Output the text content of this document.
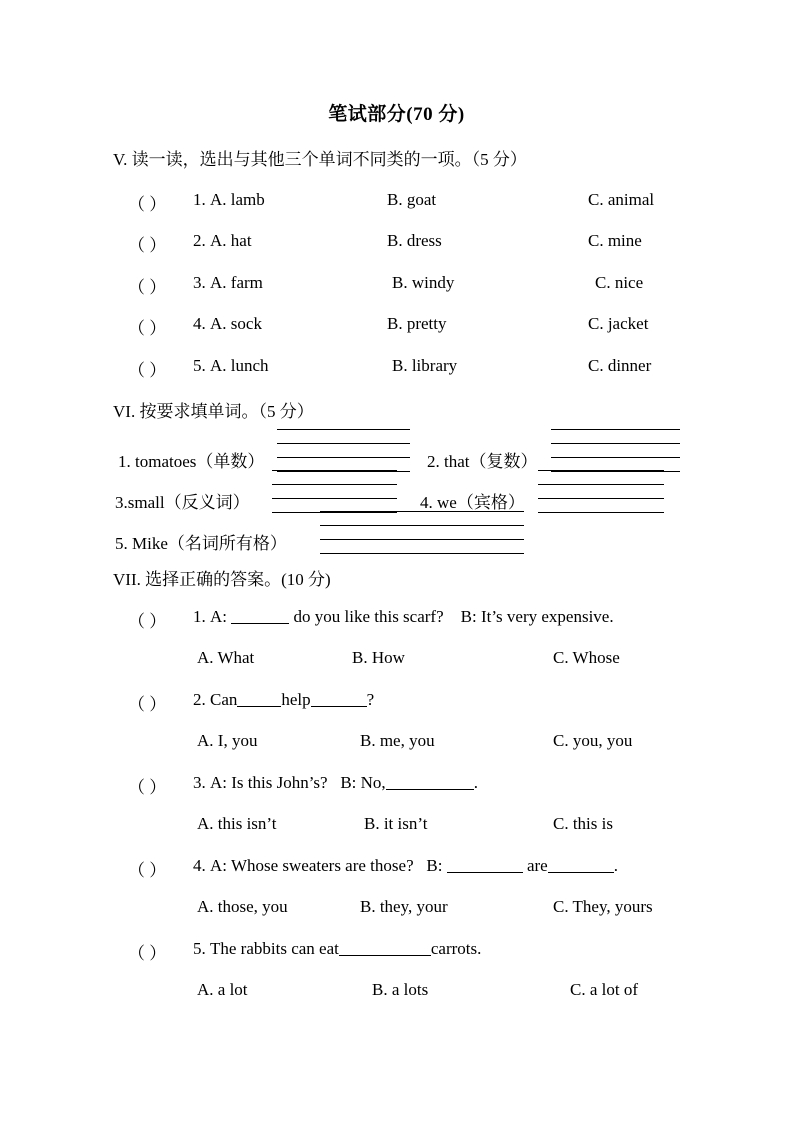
笔试部分(70 分)
V. 读一读，选出与其他三个单词不同类的一项。（5 分）
（ ） 1. A. lamb	B. goat	C. animal
（ ） 2. A. hat	B. dress	C. mine
（ ） 3. A. farm	B. windy	C. nice
（ ） 4. A. sock	B. pretty	C. jacket
（ ） 5. A. lunch	B. library	C. dinner
VI. 按要求填单词。（5 分）
1. tomatoes（单数）	2. that（复数）
3.small（反义词）	4. we（宾格）
5. Mike（名词所有格）
VII. 选择正确的答案。(10 分)
（ ） 1. A:	do you like this scarf? B: It’s very expensive.
A. What	B. How	C. Whose
（ ） 2. Can	help	?
A. I, you	B. me, you	C. you, you
（ ） 3. A: Is this John’s? B: No,	.
A. this isn’t	B. it isn’t	C. this is
（ ） 4. A: Whose sweaters are those? B:	are	.
A. those, you	B. they, your	C. They, yours
（ ） 5. The rabbits can eat	carrots.
A. a lot	B. a lots	C. a lot of
